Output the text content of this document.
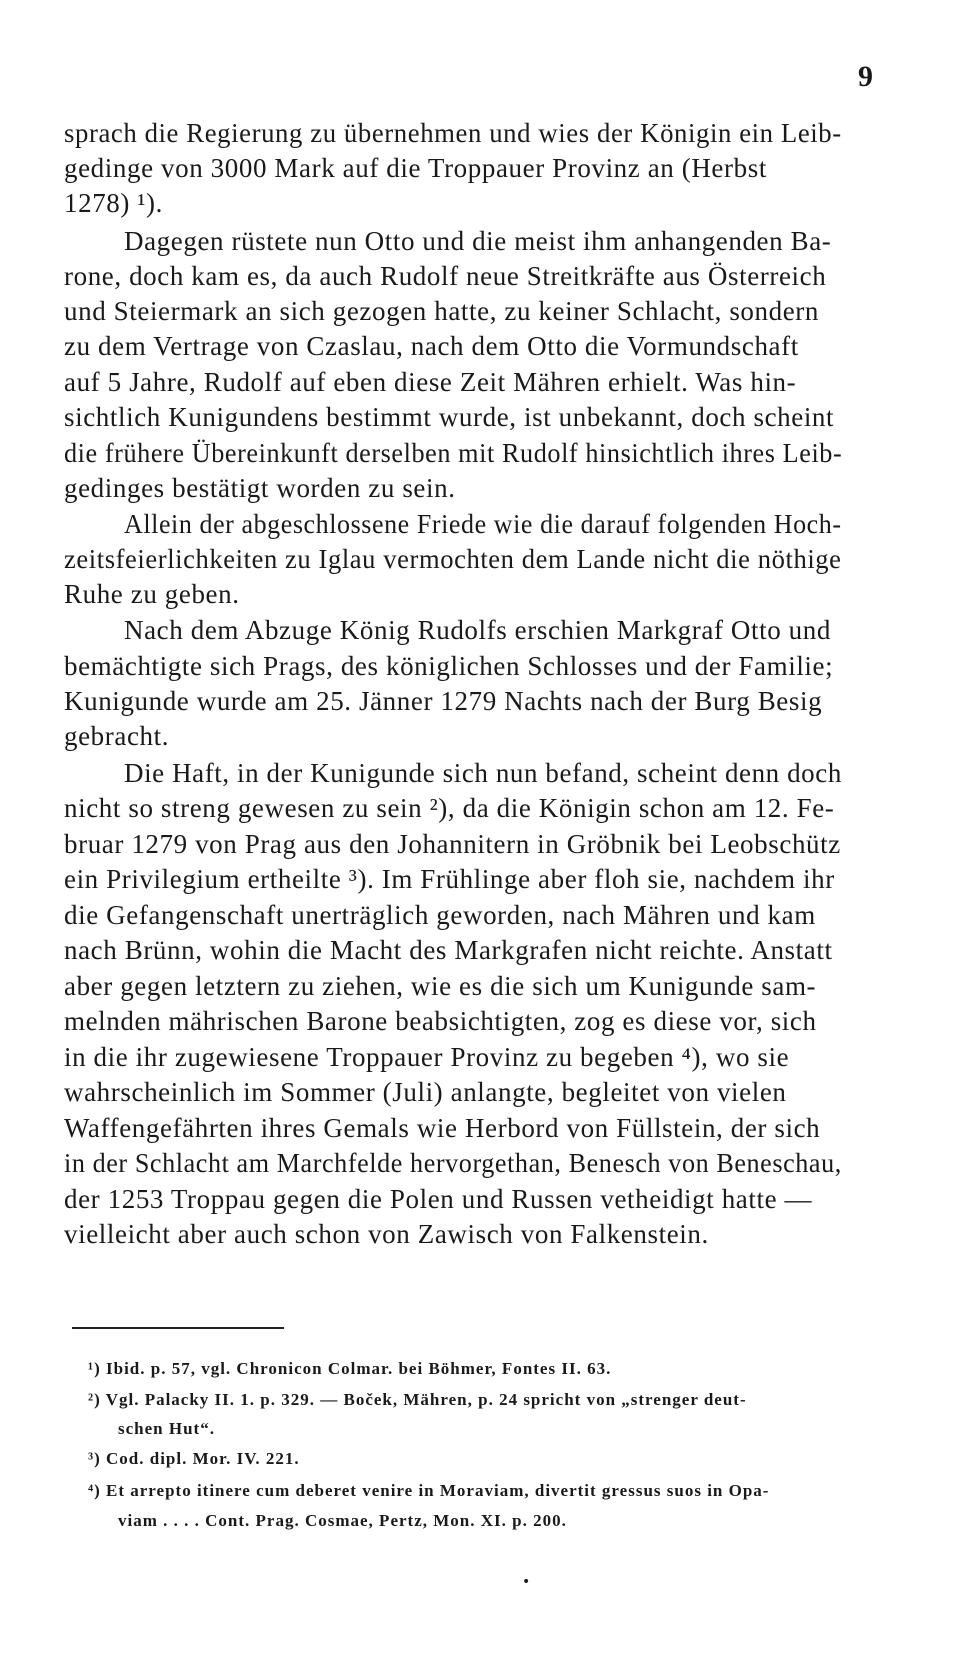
9
sprach die Regierung zu übernehmen und wies der Königin ein Leib-
gedinge von 3000 Mark auf die Troppauer Provinz an (Herbst
1278) ¹).
Dagegen rüstete nun Otto und die meist ihm anhangenden Ba-
rone, doch kam es, da auch Rudolf neue Streitkräfte aus Österreich
und Steiermark an sich gezogen hatte, zu keiner Schlacht, sondern
zu dem Vertrage von Czaslau, nach dem Otto die Vormundschaft
auf 5 Jahre, Rudolf auf eben diese Zeit Mähren erhielt. Was hin-
sichtlich Kunigundens bestimmt wurde, ist unbekannt, doch scheint
die frühere Übereinkunft derselben mit Rudolf hinsichtlich ihres Leib-
gedinges bestätigt worden zu sein.
Allein der abgeschlossene Friede wie die darauf folgenden Hoch-
zeitsfeierlichkeiten zu Iglau vermochten dem Lande nicht die nöthige
Ruhe zu geben.
Nach dem Abzuge König Rudolfs erschien Markgraf Otto und
bemächtigte sich Prags, des königlichen Schlosses und der Familie;
Kunigunde wurde am 25. Jänner 1279 Nachts nach der Burg Besig
gebracht.
Die Haft, in der Kunigunde sich nun befand, scheint denn doch
nicht so streng gewesen zu sein ²), da die Königin schon am 12. Fe-
bruar 1279 von Prag aus den Johannitern in Gröbnik bei Leobschütz
ein Privilegium ertheilte ³). Im Frühlinge aber floh sie, nachdem ihr
die Gefangenschaft unerträglich geworden, nach Mähren und kam
nach Brünn, wohin die Macht des Markgrafen nicht reichte. Anstatt
aber gegen letztern zu ziehen, wie es die sich um Kunigunde sam-
melnden mährischen Barone beabsichtigten, zog es diese vor, sich
in die ihr zugewiesene Troppauer Provinz zu begeben ⁴), wo sie
wahrscheinlich im Sommer (Juli) anlangte, begleitet von vielen
Waffengefährten ihres Gemals wie Herbord von Füllstein, der sich
in der Schlacht am Marchfelde hervorgethan, Benesch von Beneschau,
der 1253 Troppau gegen die Polen und Russen vetheidigt hatte —
vielleicht aber auch schon von Zawisch von Falkenstein.
¹) Ibid. p. 57, vgl. Chronicon Colmar. bei Böhmer, Fontes II. 63.
²) Vgl. Palacky II. 1. p. 329. — Boček, Mähren, p. 24 spricht von „strenger deut-
schen Hut“.
³) Cod. dipl. Mor. IV. 221.
⁴) Et arrepto itinere cum deberet venire in Moraviam, divertit gressus suos in Opa-
viam . . . . Cont. Prag. Cosmae, Pertz, Mon. XI. p. 200.
•
